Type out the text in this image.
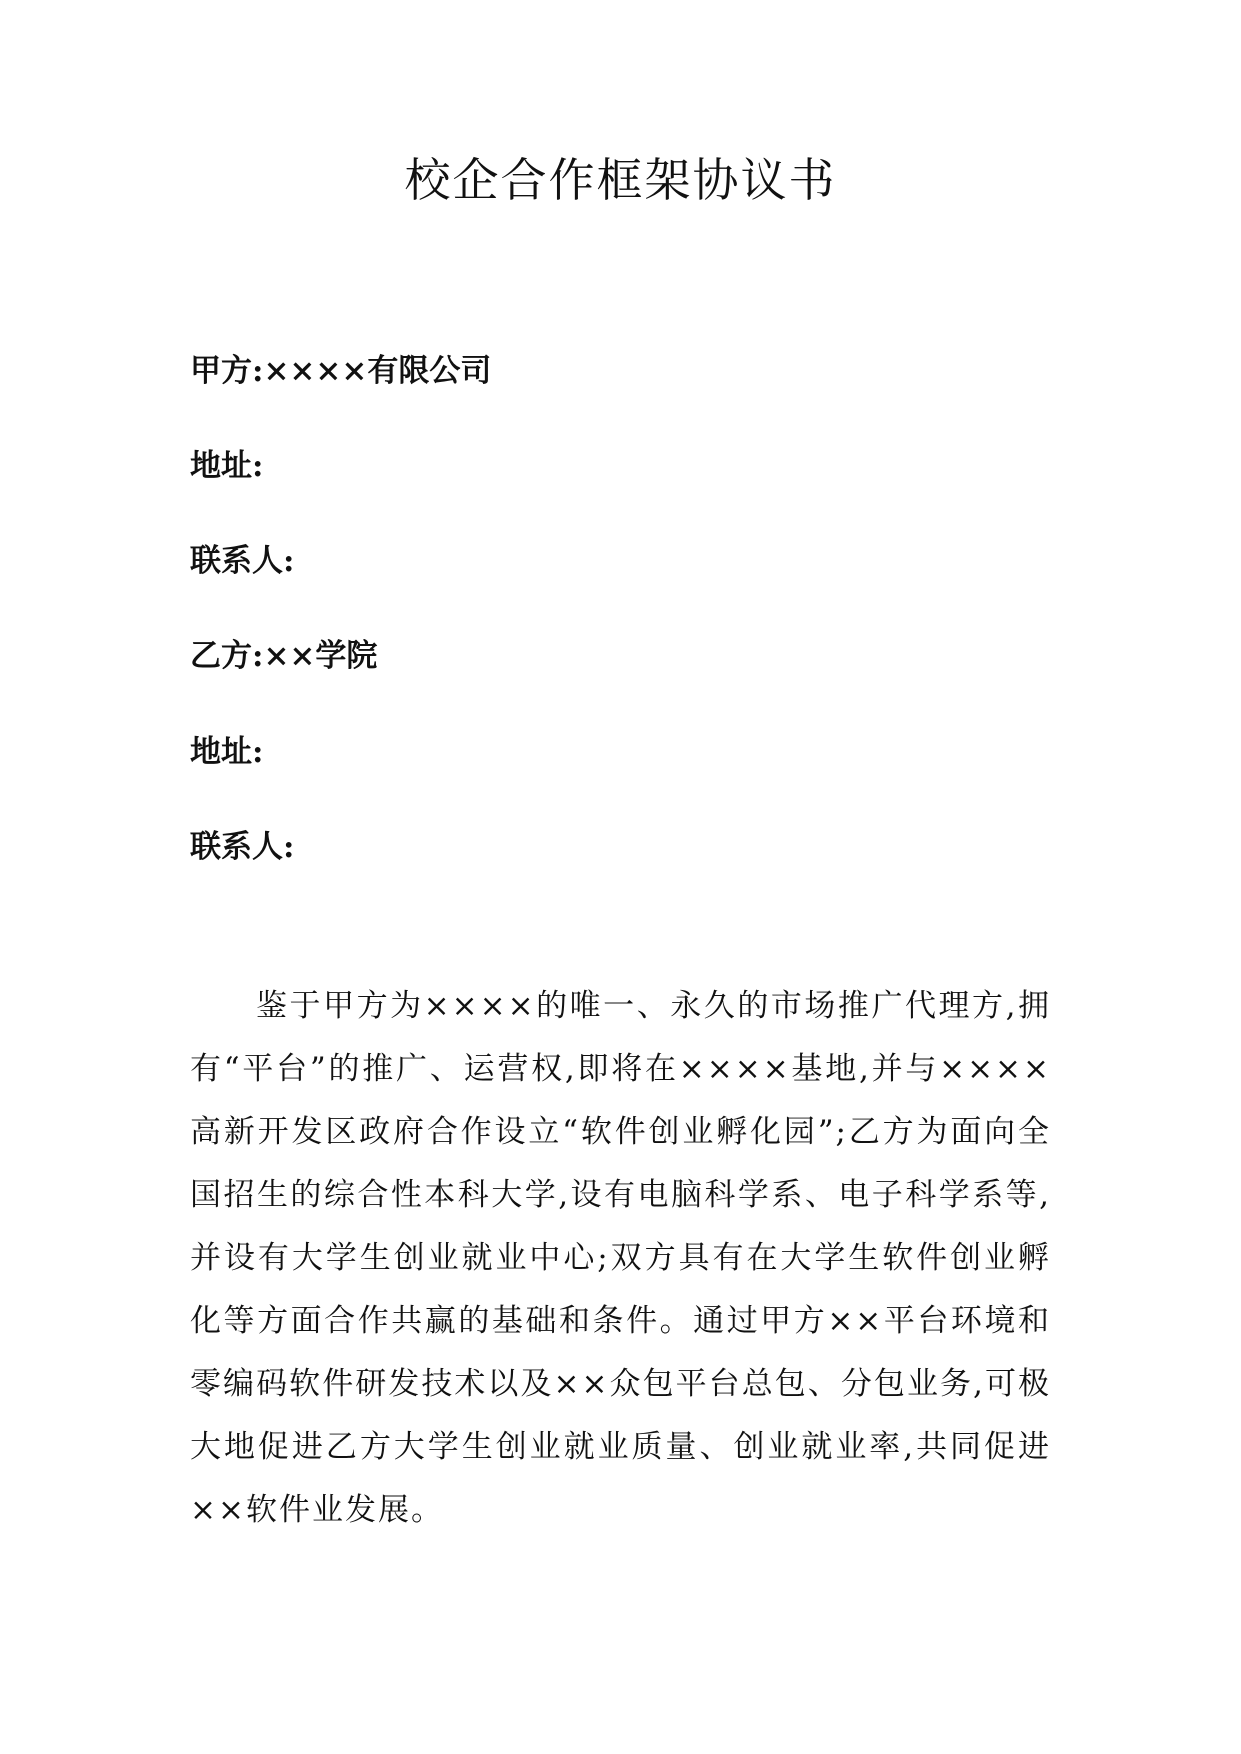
校企合作框架协议书
甲方:××××有限公司
地址:
联系人:
乙方:××学院
地址:
联系人:

鉴于甲方为××××的唯一、永久的市场推广代理方,拥有“平台”的推广、运营权,即将在××××基地,并与××××高新开发区政府合作设立“软件创业孵化园”;乙方为面向全国招生的综合性本科大学,设有电脑科学系、电子科学系等,并设有大学生创业就业中心;双方具有在大学生软件创业孵化等方面合作共赢的基础和条件。通过甲方××平台环境和零编码软件研发技术以及××众包平台总包、分包业务,可极大地促进乙方大学生创业就业质量、创业就业率,共同促进××软件业发展。
